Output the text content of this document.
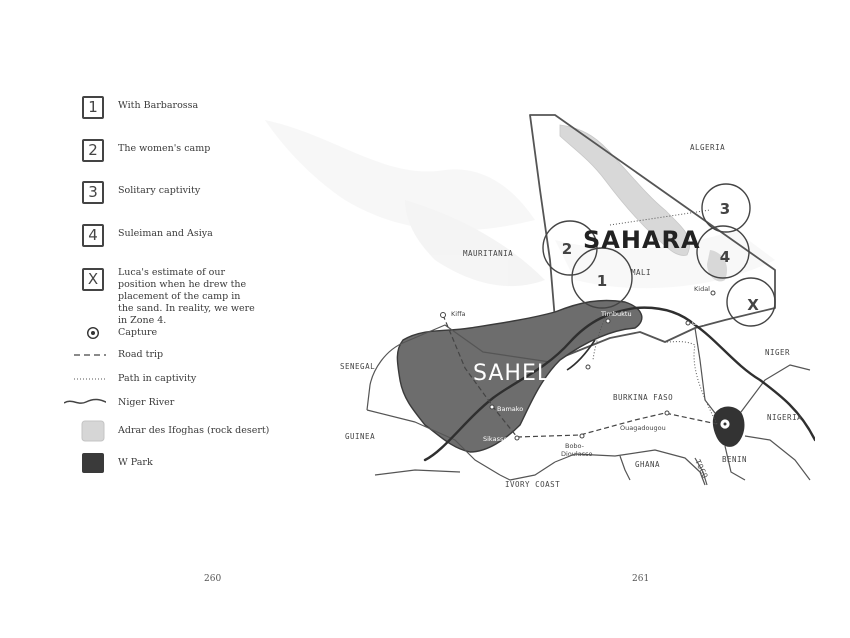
1	With Barbarossa
2	The women's camp
3	Solitary captivity
4	Suleiman and Asiya
X	Luca's estimate of our position when he drew the placement of the camp in the sand. In reality, we were in Zone 4.
Capture
Road trip
Path in captivity
Niger River
Adrar des Ifoghas (rock desert)
W Park
1
2
3
4
X
SAHARA
SAHEL
ALGERIA
MAURITANIA
MALI
SENEGAL
GUINEA
BURKINA FASO
NIGER
NIGERIA
IVORY COAST
GHANA	TOGO BENIN
Kiffa	Timbuktu
Gao
Kidal
Mopti
Bamako
Sikasso
Bobo-Dioulasso
Ouagadougou
260	261
